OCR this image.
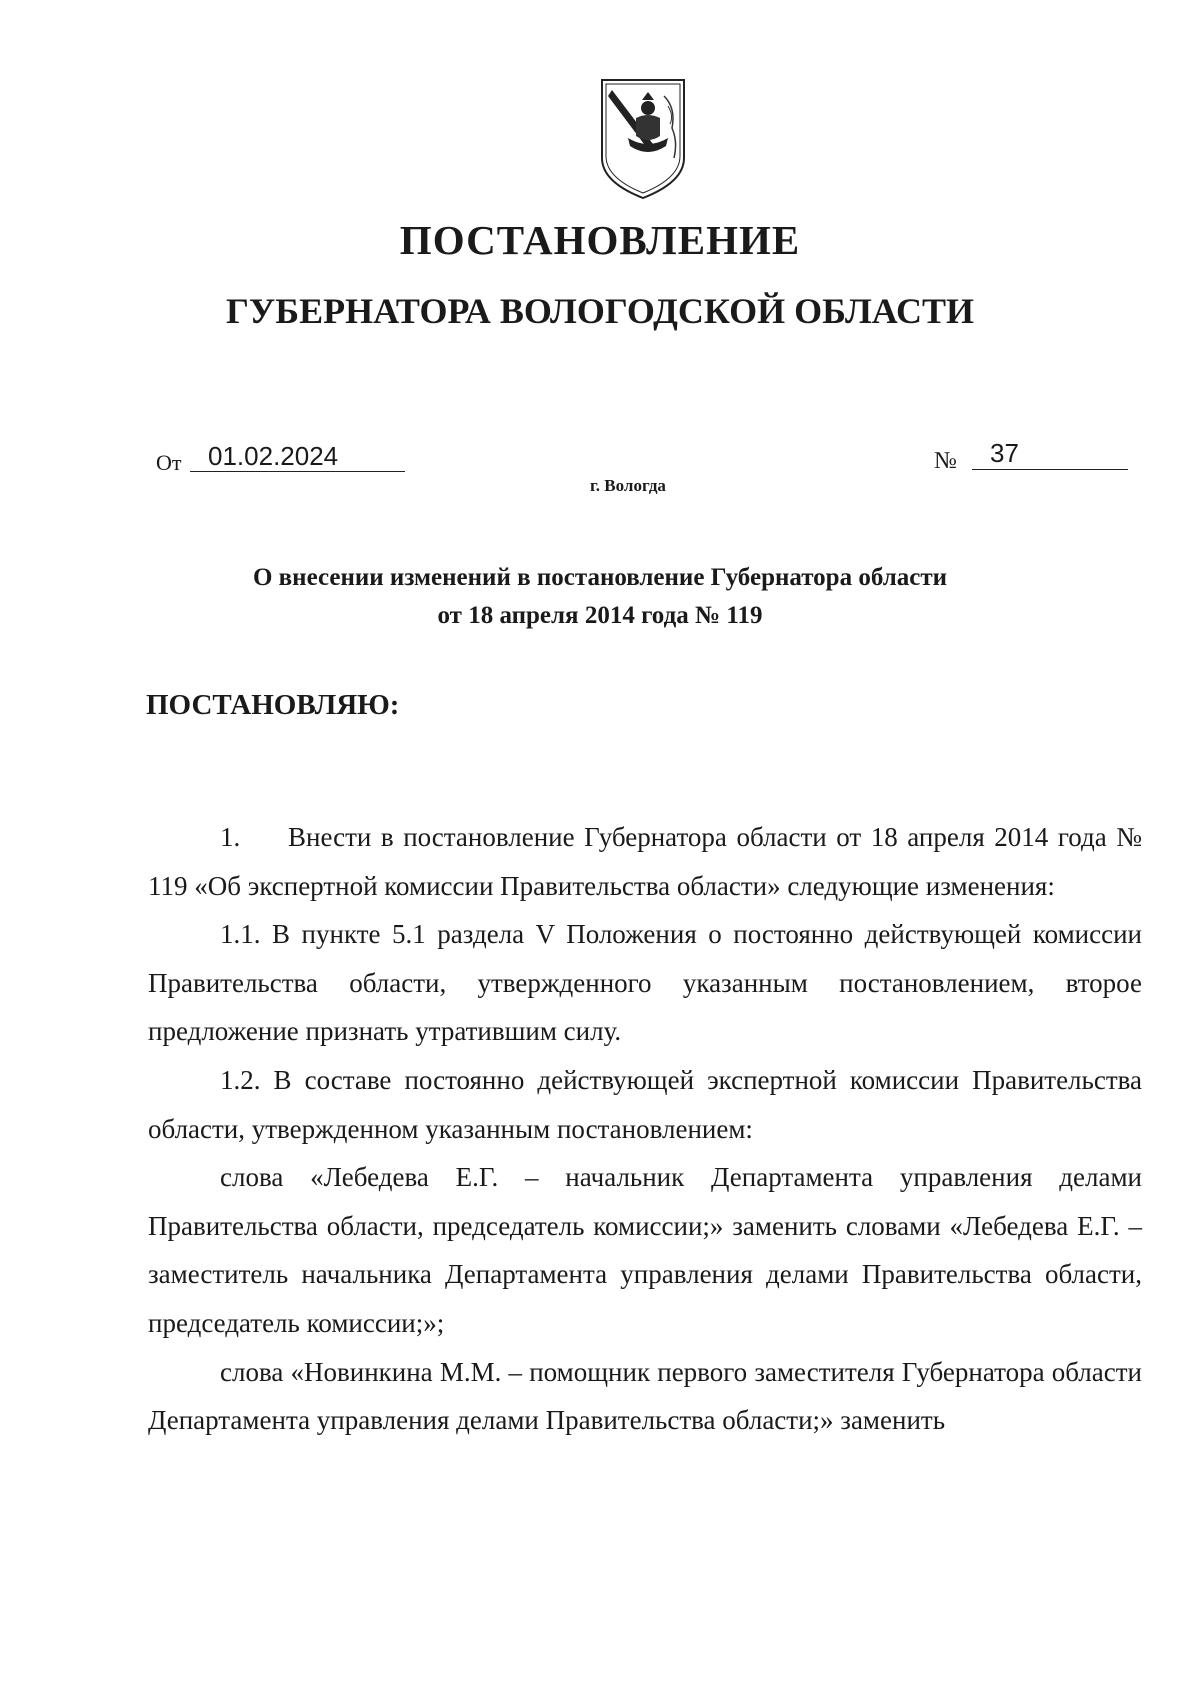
ПОСТАНОВЛЕНИЕ
ГУБЕРНАТОРА ВОЛОГОДСКОЙ ОБЛАСТИ
От	01.02.2024	№	37
г. Вологда
О внесении изменений в постановление Губернатора области
от 18 апреля 2014 года № 119
ПОСТАНОВЛЯЮ:

1.     Внести в постановление Губернатора области от 18 апреля 2014 года № 119 «Об экспертной комиссии Правительства области» следующие изменения:

1.1. В пункте 5.1 раздела V Положения о постоянно действующей комиссии Правительства области, утвержденного указанным постановлением, второе предложение признать утратившим силу.

1.2. В составе постоянно действующей экспертной комиссии Правительства области, утвержденном указанным постановлением:

слова «Лебедева Е.Г. – начальник Департамента управления делами Правительства области, председатель комиссии;» заменить словами «Лебедева Е.Г. – заместитель начальника Департамента управления делами Правительства области, председатель комиссии;»;

слова «Новинкина М.М. – помощник первого заместителя Губернатора области Департамента управления делами Правительства области;» заменить
